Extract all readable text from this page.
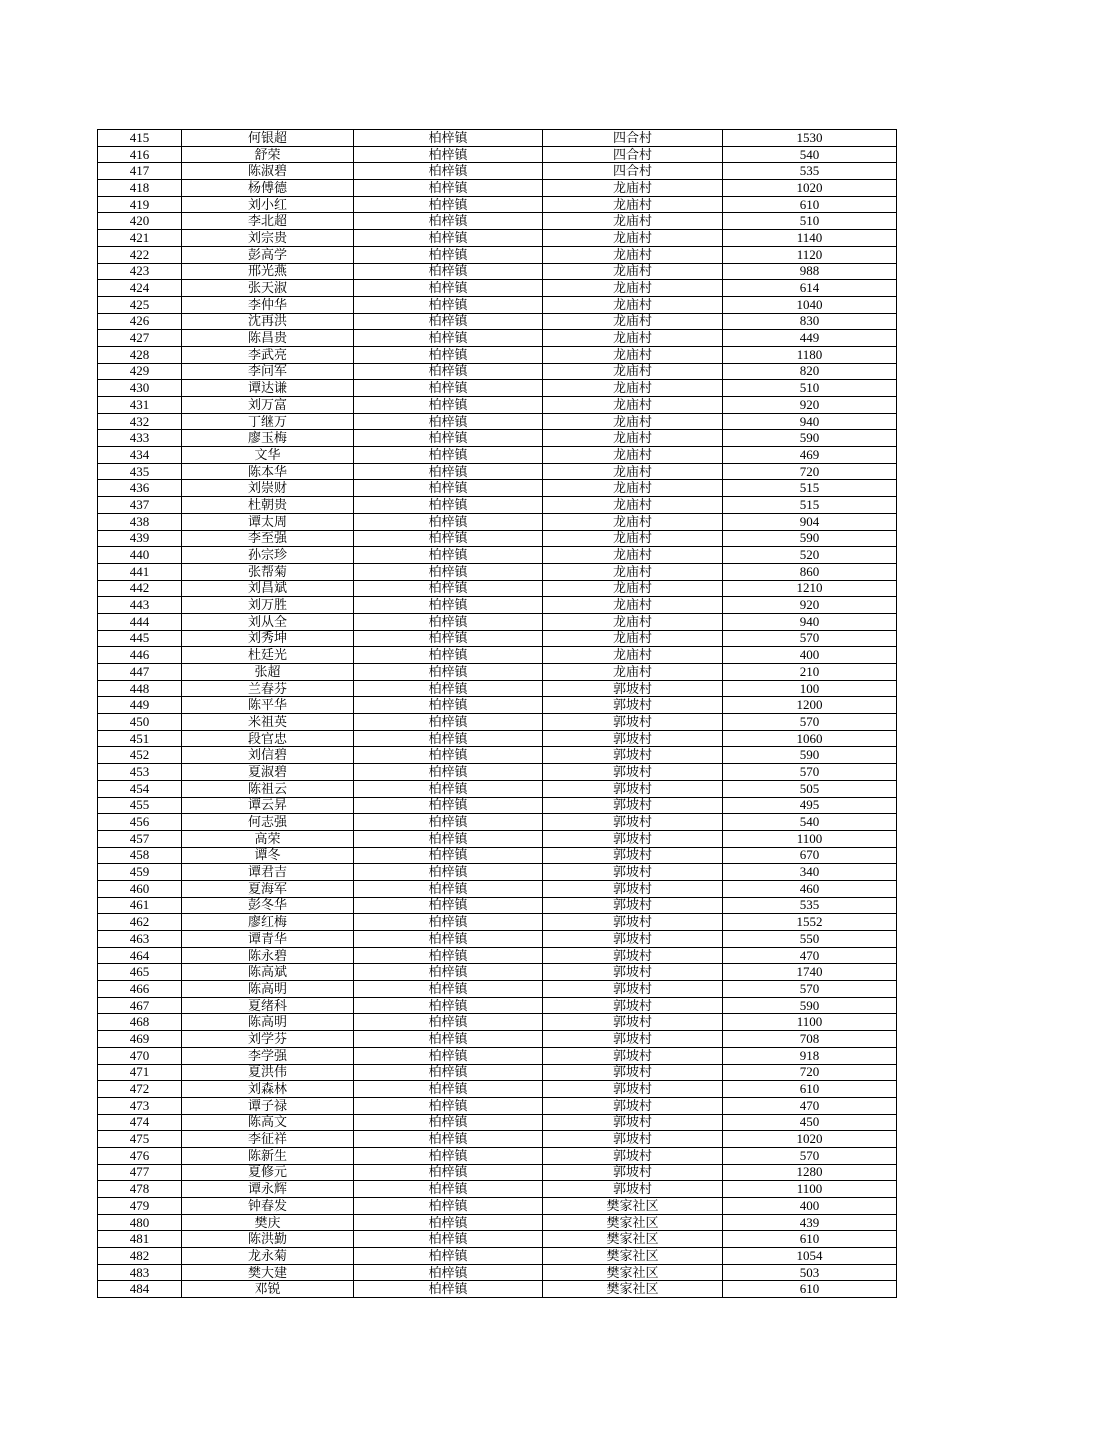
415	何银超	柏梓镇	四合村	1530
416	舒荣	柏梓镇	四合村	540
417	陈淑碧	柏梓镇	四合村	535
418	杨傅德	柏梓镇	龙庙村	1020
419	刘小红	柏梓镇	龙庙村	610
420	李北超	柏梓镇	龙庙村	510
421	刘宗贵	柏梓镇	龙庙村	1140
422	彭高学	柏梓镇	龙庙村	1120
423	邢光燕	柏梓镇	龙庙村	988
424	张天淑	柏梓镇	龙庙村	614
425	李仲华	柏梓镇	龙庙村	1040
426	沈再洪	柏梓镇	龙庙村	830
427	陈昌贵	柏梓镇	龙庙村	449
428	李武亮	柏梓镇	龙庙村	1180
429	李问军	柏梓镇	龙庙村	820
430	谭达谦	柏梓镇	龙庙村	510
431	刘万富	柏梓镇	龙庙村	920
432	丁继万	柏梓镇	龙庙村	940
433	廖玉梅	柏梓镇	龙庙村	590
434	文华	柏梓镇	龙庙村	469
435	陈本华	柏梓镇	龙庙村	720
436	刘崇财	柏梓镇	龙庙村	515
437	杜朝贵	柏梓镇	龙庙村	515
438	谭太周	柏梓镇	龙庙村	904
439	李至强	柏梓镇	龙庙村	590
440	孙宗珍	柏梓镇	龙庙村	520
441	张帮菊	柏梓镇	龙庙村	860
442	刘昌斌	柏梓镇	龙庙村	1210
443	刘万胜	柏梓镇	龙庙村	920
444	刘从全	柏梓镇	龙庙村	940
445	刘秀坤	柏梓镇	龙庙村	570
446	杜廷光	柏梓镇	龙庙村	400
447	张超	柏梓镇	龙庙村	210
448	兰春芬	柏梓镇	郭坡村	100
449	陈平华	柏梓镇	郭坡村	1200
450	米祖英	柏梓镇	郭坡村	570
451	段官忠	柏梓镇	郭坡村	1060
452	刘信碧	柏梓镇	郭坡村	590
453	夏淑碧	柏梓镇	郭坡村	570
454	陈祖云	柏梓镇	郭坡村	505
455	谭云昇	柏梓镇	郭坡村	495
456	何志强	柏梓镇	郭坡村	540
457	高荣	柏梓镇	郭坡村	1100
458	谭冬	柏梓镇	郭坡村	670
459	谭君吉	柏梓镇	郭坡村	340
460	夏海军	柏梓镇	郭坡村	460
461	彭冬华	柏梓镇	郭坡村	535
462	廖红梅	柏梓镇	郭坡村	1552
463	谭青华	柏梓镇	郭坡村	550
464	陈永碧	柏梓镇	郭坡村	470
465	陈高斌	柏梓镇	郭坡村	1740
466	陈高明	柏梓镇	郭坡村	570
467	夏绪科	柏梓镇	郭坡村	590
468	陈高明	柏梓镇	郭坡村	1100
469	刘学芬	柏梓镇	郭坡村	708
470	李学强	柏梓镇	郭坡村	918
471	夏洪伟	柏梓镇	郭坡村	720
472	刘森林	柏梓镇	郭坡村	610
473	谭子禄	柏梓镇	郭坡村	470
474	陈高文	柏梓镇	郭坡村	450
475	李征祥	柏梓镇	郭坡村	1020
476	陈新生	柏梓镇	郭坡村	570
477	夏修元	柏梓镇	郭坡村	1280
478	谭永辉	柏梓镇	郭坡村	1100
479	钟春发	柏梓镇	樊家社区	400
480	樊庆	柏梓镇	樊家社区	439
481	陈洪勤	柏梓镇	樊家社区	610
482	龙永菊	柏梓镇	樊家社区	1054
483	樊大建	柏梓镇	樊家社区	503
484	邓锐	柏梓镇	樊家社区	610
